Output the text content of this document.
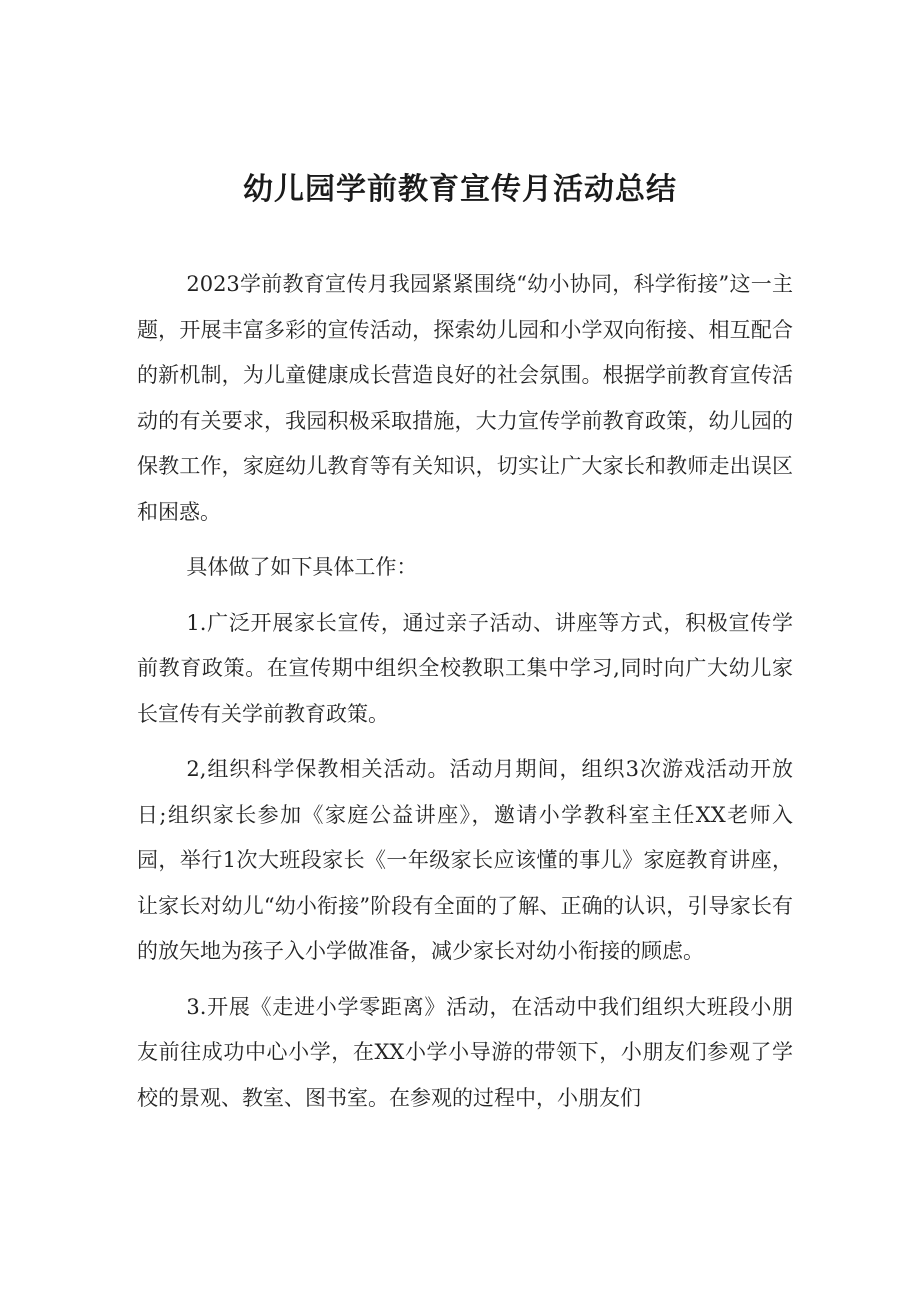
幼儿园学前教育宣传月活动总结

2023学前教育宣传月我园紧紧围绕“幼小协同，科学衔接”这一主题，开展丰富多彩的宣传活动，探索幼儿园和小学双向衔接、相互配合的新机制，为儿童健康成长营造良好的社会氛围。根据学前教育宣传活动的有关要求，我园积极采取措施，大力宣传学前教育政策，幼儿园的保教工作，家庭幼儿教育等有关知识，切实让广大家长和教师走出误区和困惑。

具体做了如下具体工作：

1.广泛开展家长宣传，通过亲子活动、讲座等方式，积极宣传学前教育政策。在宣传期中组织全校教职工集中学习,同时向广大幼儿家长宣传有关学前教育政策。

2,组织科学保教相关活动。活动月期间，组织3次游戏活动开放日;组织家长参加《家庭公益讲座》，邀请小学教科室主任XX老师入园，举行1次大班段家长《一年级家长应该懂的事儿》家庭教育讲座，让家长对幼儿“幼小衔接”阶段有全面的了解、正确的认识，引导家长有的放矢地为孩子入小学做准备，减少家长对幼小衔接的顾虑。

3.开展《走进小学零距离》活动，在活动中我们组织大班段小朋友前往成功中心小学，在XX小学小导游的带领下，小朋友们参观了学校的景观、教室、图书室。在参观的过程中，小朋友们
